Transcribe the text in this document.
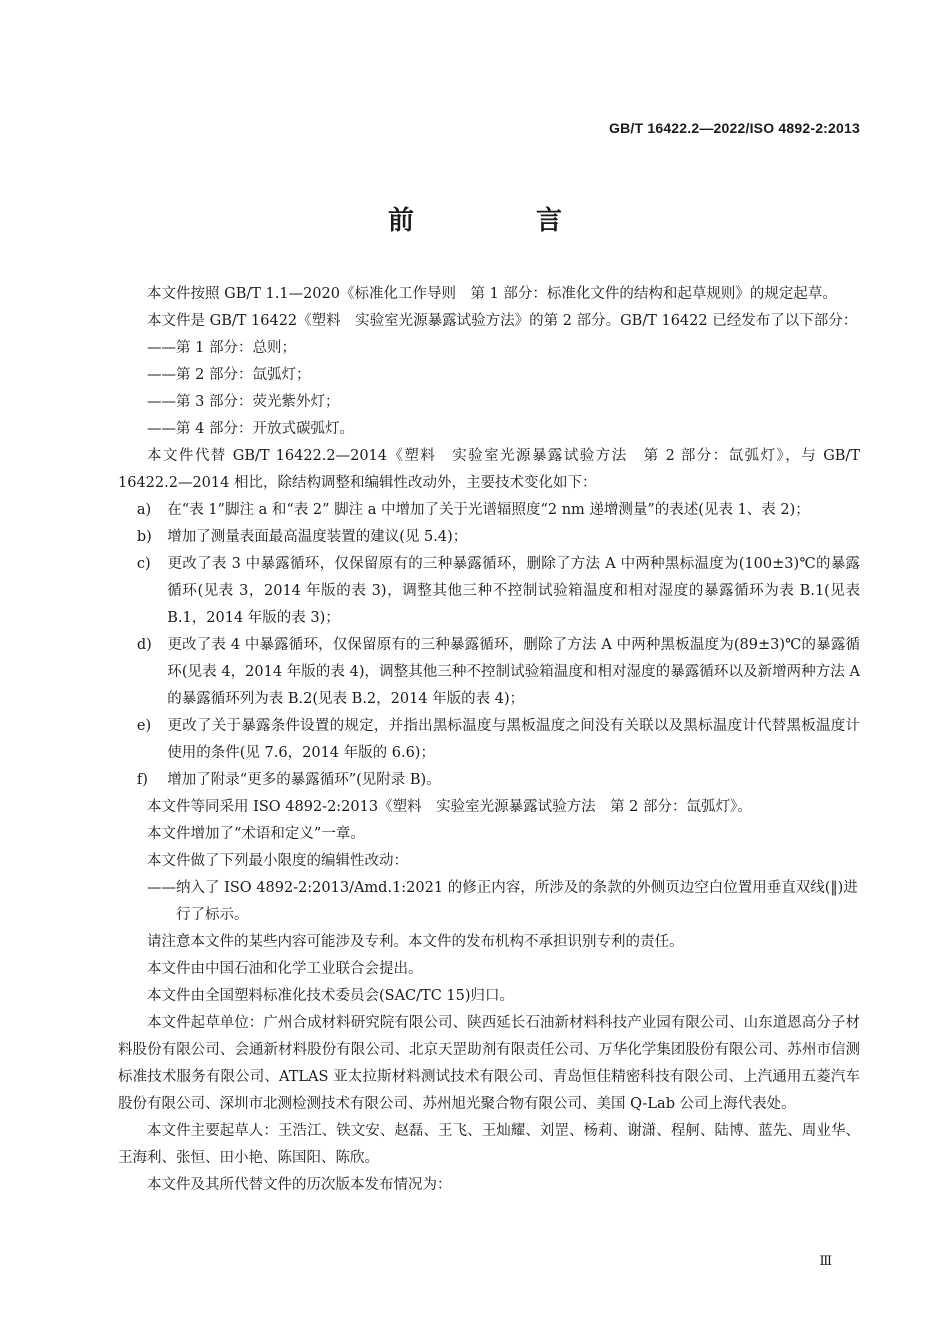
GB/T 16422.2—2022/ISO 4892-2:2013
前　言

本文件按照 GB/T 1.1—2020《标准化工作导则　第 1 部分：标准化文件的结构和起草规则》的规定起草。

本文件是 GB/T 16422《塑料　实验室光源暴露试验方法》的第 2 部分。GB/T 16422 已经发布了以下部分：

——第 1 部分：总则；

——第 2 部分：氙弧灯；

——第 3 部分：荧光紫外灯；

——第 4 部分：开放式碳弧灯。

本文件代替 GB/T 16422.2—2014《塑料　实验室光源暴露试验方法　第 2 部分：氙弧灯》，与 GB/T 16422.2—2014 相比，除结构调整和编辑性改动外，主要技术变化如下：

a) 在“表 1”脚注 a 和“表 2” 脚注 a 中增加了关于光谱辐照度“2 nm 递增测量”的表述(见表 1、表 2)；

b) 增加了测量表面最高温度装置的建议(见 5.4)；

c) 更改了表 3 中暴露循环，仅保留原有的三种暴露循环，删除了方法 A 中两种黑标温度为(100±3)℃的暴露循环(见表 3，2014 年版的表 3)，调整其他三种不控制试验箱温度和相对湿度的暴露循环为表 B.1(见表 B.1，2014 年版的表 3)；

d) 更改了表 4 中暴露循环，仅保留原有的三种暴露循环，删除了方法 A 中两种黑板温度为(89±3)℃的暴露循环(见表 4，2014 年版的表 4)，调整其他三种不控制试验箱温度和相对湿度的暴露循环以及新增两种方法 A 的暴露循环列为表 B.2(见表 B.2，2014 年版的表 4)；

e) 更改了关于暴露条件设置的规定，并指出黑标温度与黑板温度之间没有关联以及黑标温度计代替黑板温度计使用的条件(见 7.6，2014 年版的 6.6)；

f) 增加了附录“更多的暴露循环”(见附录 B)。

本文件等同采用 ISO 4892-2:2013《塑料　实验室光源暴露试验方法　第 2 部分：氙弧灯》。

本文件增加了“术语和定义”一章。

本文件做了下列最小限度的编辑性改动：

——纳入了 ISO 4892-2:2013/Amd.1:2021 的修正内容，所涉及的条款的外侧页边空白位置用垂直双线(‖)进行了标示。

请注意本文件的某些内容可能涉及专利。本文件的发布机构不承担识别专利的责任。

本文件由中国石油和化学工业联合会提出。

本文件由全国塑料标准化技术委员会(SAC/TC 15)归口。

本文件起草单位：广州合成材料研究院有限公司、陕西延长石油新材料科技产业园有限公司、山东道恩高分子材料股份有限公司、会通新材料股份有限公司、北京天罡助剂有限责任公司、万华化学集团股份有限公司、苏州市信测标准技术服务有限公司、ATLAS 亚太拉斯材料测试技术有限公司、青岛恒佳精密科技有限公司、上汽通用五菱汽车股份有限公司、深圳市北测检测技术有限公司、苏州旭光聚合物有限公司、美国 Q-Lab 公司上海代表处。

本文件主要起草人：王浩江、铁文安、赵磊、王飞、王灿耀、刘罡、杨莉、谢潇、程舸、陆博、蓝先、周业华、王海利、张恒、田小艳、陈国阳、陈欣。

本文件及其所代替文件的历次版本发布情况为：

Ⅲ
